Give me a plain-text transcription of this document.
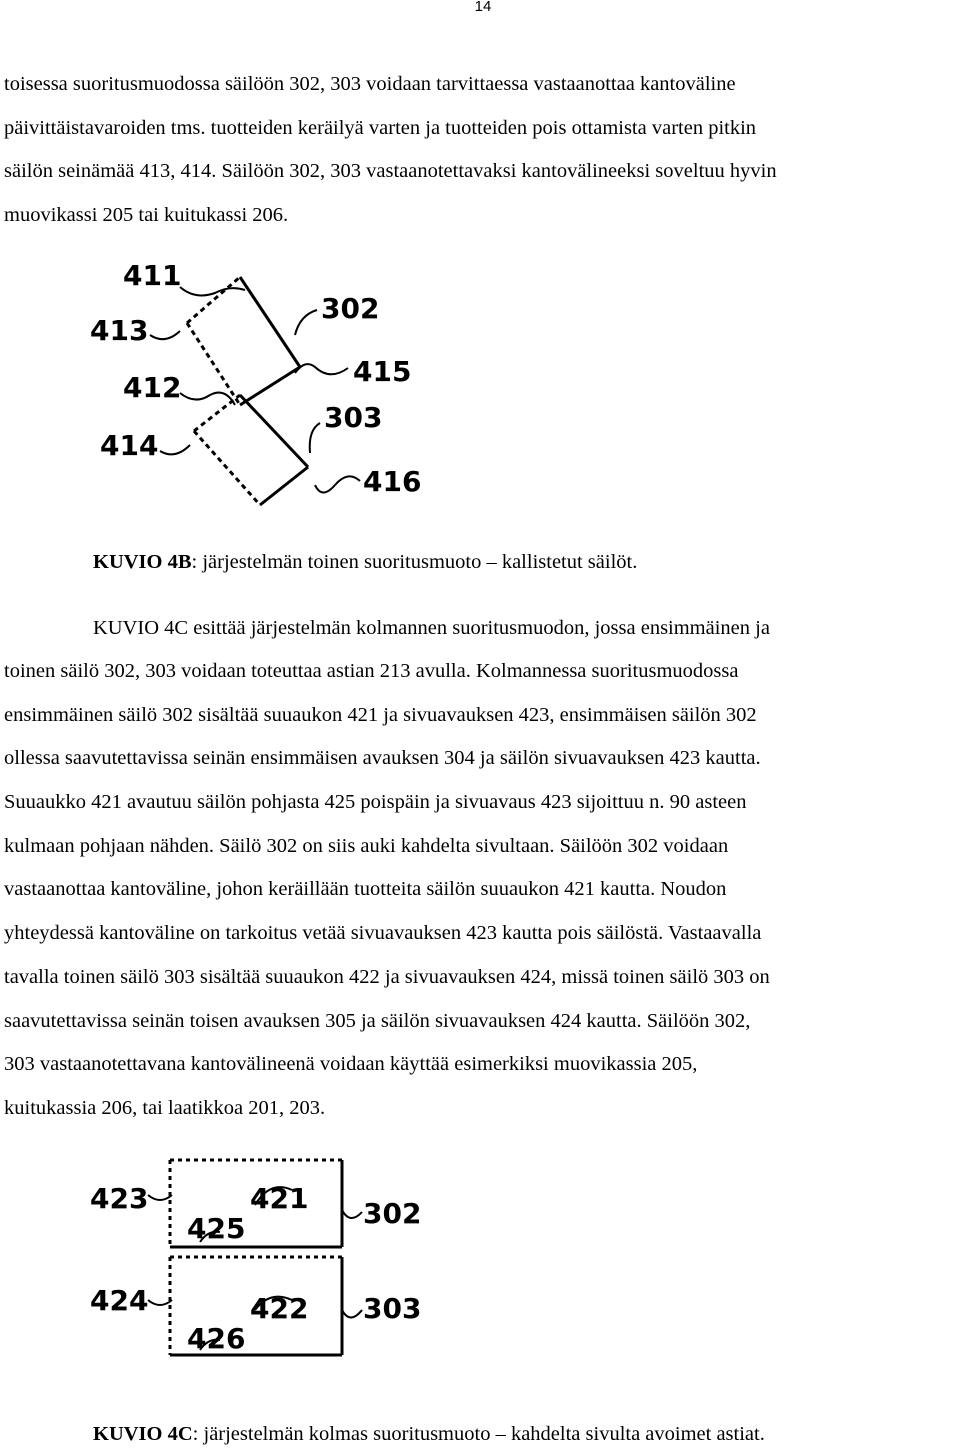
14
toisessa suoritusmuodossa säilöön 302, 303 voidaan tarvittaessa vastaanottaa kantoväline
päivittäistavaroiden tms. tuotteiden keräilyä varten ja tuotteiden pois ottamista varten pitkin
säilön seinämää 413, 414. Säilöön 302, 303 vastaanotettavaksi kantovälineeksi soveltuu hyvin
muovikassi 205 tai kuitukassi 206.
411
413
412
414
302
415
303
416
KUVIO 4B: järjestelmän toinen suoritusmuoto – kallistetut säilöt.
KUVIO 4C esittää järjestelmän kolmannen suoritusmuodon, jossa ensimmäinen ja
toinen säilö 302, 303 voidaan toteuttaa astian 213 avulla. Kolmannessa suoritusmuodossa
ensimmäinen säilö 302 sisältää suuaukon 421 ja sivuavauksen 423, ensimmäisen säilön 302
ollessa saavutettavissa seinän ensimmäisen avauksen 304 ja säilön sivuavauksen 423 kautta.
Suuaukko 421 avautuu säilön pohjasta 425 poispäin ja sivuavaus 423 sijoittuu n. 90 asteen
kulmaan pohjaan nähden. Säilö 302 on siis auki kahdelta sivultaan. Säilöön 302 voidaan
vastaanottaa kantoväline, johon keräillään tuotteita säilön suuaukon 421 kautta. Noudon
yhteydessä kantoväline on tarkoitus vetää sivuavauksen 423 kautta pois säilöstä. Vastaavalla
tavalla toinen säilö 303 sisältää suuaukon 422 ja sivuavauksen 424, missä toinen säilö 303 on
saavutettavissa seinän toisen avauksen 305 ja säilön sivuavauksen 424 kautta. Säilöön 302,
303 vastaanotettavana kantovälineenä voidaan käyttää esimerkiksi muovikassia 205,
kuitukassia 206, tai laatikkoa 201, 203.
423	421
425	302
424	422
426
303
KUVIO 4C: järjestelmän kolmas suoritusmuoto – kahdelta sivulta avoimet astiat.
